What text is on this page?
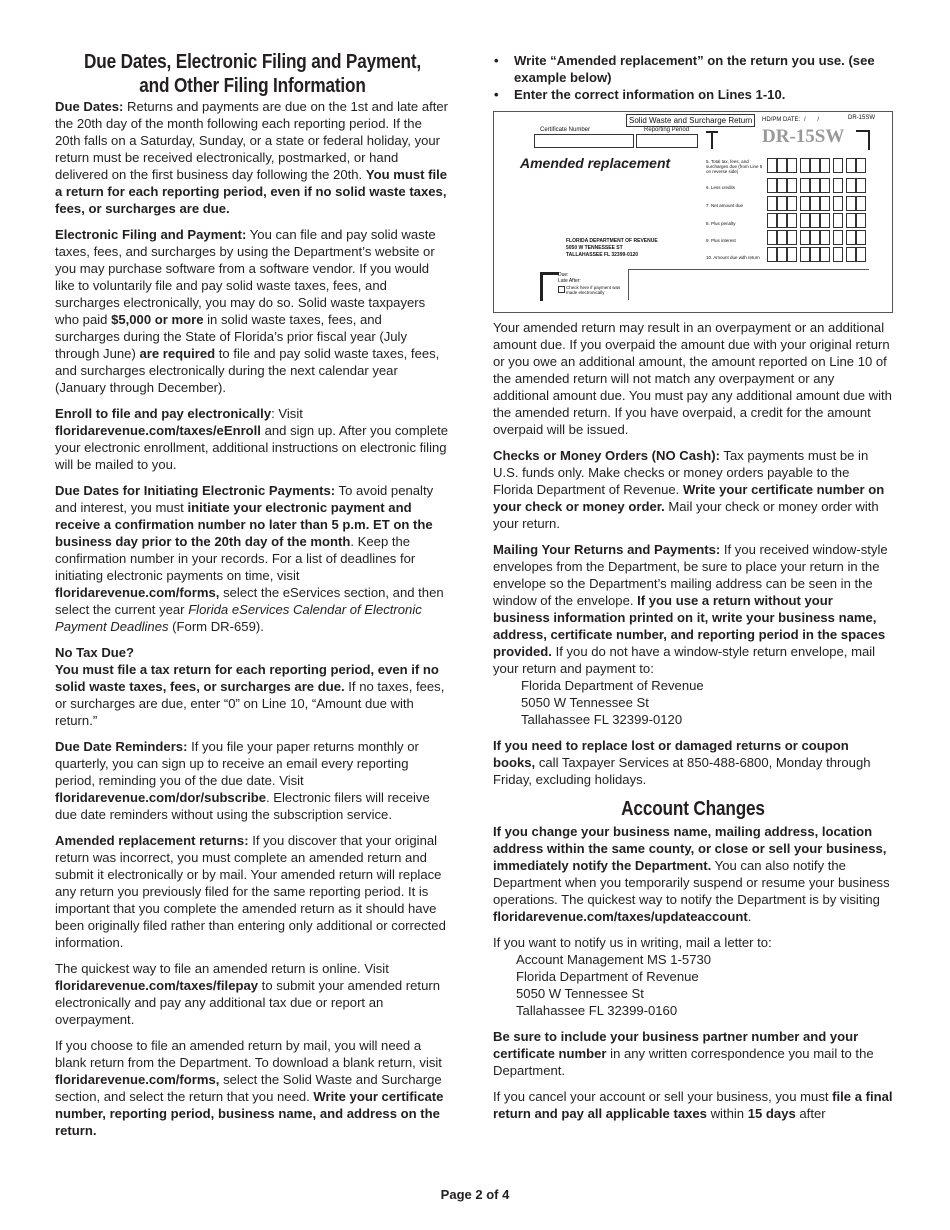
Due Dates, Electronic Filing and Payment, and Other Filing Information

Due Dates: Returns and payments are due on the 1st and late after the 20th day of the month following each reporting period. If the 20th falls on a Saturday, Sunday, or a state or federal holiday, your return must be received electronically, postmarked, or hand delivered on the first business day following the 20th. You must file a return for each reporting period, even if no solid waste taxes, fees, or surcharges are due.

Electronic Filing and Payment: You can file and pay solid waste taxes, fees, and surcharges by using the Department’s website or you may purchase software from a software vendor. If you would like to voluntarily file and pay solid waste taxes, fees, and surcharges electronically, you may do so. Solid waste taxpayers who paid $5,000 or more in solid waste taxes, fees, and surcharges during the State of Florida’s prior fiscal year (July through June) are required to file and pay solid waste taxes, fees, and surcharges electronically during the next calendar year (January through December).

Enroll to file and pay electronically: Visit floridarevenue.com/taxes/eEnroll and sign up. After you complete your electronic enrollment, additional instructions on electronic filing will be mailed to you.

Due Dates for Initiating Electronic Payments: To avoid penalty and interest, you must initiate your electronic payment and receive a confirmation number no later than 5 p.m. ET on the business day prior to the 20th day of the month. Keep the confirmation number in your records. For a list of deadlines for initiating electronic payments on time, visit floridarevenue.com/forms, select the eServices section, and then select the current year Florida eServices Calendar of Electronic Payment Deadlines (Form DR-659).

No Tax Due?
You must file a tax return for each reporting period, even if no solid waste taxes, fees, or surcharges are due. If no taxes, fees, or surcharges are due, enter “0” on Line 10, “Amount due with return.”

Due Date Reminders: If you file your paper returns monthly or quarterly, you can sign up to receive an email every reporting period, reminding you of the due date. Visit floridarevenue.com/dor/subscribe. Electronic filers will receive due date reminders without using the subscription service.

Amended replacement returns: If you discover that your original return was incorrect, you must complete an amended return and submit it electronically or by mail. Your amended return will replace any return you previously filed for the same reporting period. It is important that you complete the amended return as it should have been originally filed rather than entering only additional or corrected information.

The quickest way to file an amended return is online. Visit floridarevenue.com/taxes/filepay to submit your amended return electronically and pay any additional tax due or report an overpayment.

If you choose to file an amended return by mail, you will need a blank return from the Department. To download a blank return, visit floridarevenue.com/forms, select the Solid Waste and Surcharge section, and select the return that you need. Write your certificate number, reporting period, business name, and address on the return.

• Write “Amended replacement” on the return you use. (see example below)

• Enter the correct information on Lines 1-10.

Solid Waste and Surcharge Return	HD/PM DATE: /       /	DR-15SW
Certificate Number	Reporting Period	DR-15SW
Amended replacement	5. Total tax, fees, and surcharges due (from Line 5 on reverse side)
6. Less credits
7. Net amount due
8. Plus penalty
9. Plus interest
10. Amount due with return
FLORIDA DEPARTMENT OF REVENUE
5050 W TENNESSEE ST
TALLAHASSEE FL 32399-0120
Due:
Late After:
Check here if payment was made electronically

Your amended return may result in an overpayment or an additional amount due. If you overpaid the amount due with your original return or you owe an additional amount, the amount reported on Line 10 of the amended return will not match any overpayment or any additional amount due. You must pay any additional amount due with the amended return. If you have overpaid, a credit for the amount overpaid will be issued.

Checks or Money Orders (NO Cash): Tax payments must be in U.S. funds only. Make checks or money orders payable to the Florida Department of Revenue. Write your certificate number on your check or money order. Mail your check or money order with your return.

Mailing Your Returns and Payments: If you received window-style envelopes from the Department, be sure to place your return in the envelope so the Department’s mailing address can be seen in the window of the envelope. If you use a return without your business information printed on it, write your business name, address, certificate number, and reporting period in the spaces provided. If you do not have a window-style return envelope, mail your return and payment to:

Florida Department of Revenue
5050 W Tennessee St
Tallahassee FL 32399-0120

If you need to replace lost or damaged returns or coupon books, call Taxpayer Services at 850-488-6800, Monday through Friday, excluding holidays.

Account Changes

If you change your business name, mailing address, location address within the same county, or close or sell your business, immediately notify the Department. You can also notify the Department when you temporarily suspend or resume your business operations. The quickest way to notify the Department is by visiting floridarevenue.com/taxes/updateaccount.

If you want to notify us in writing, mail a letter to:

Account Management MS 1-5730
Florida Department of Revenue
5050 W Tennessee St
Tallahassee FL 32399-0160

Be sure to include your business partner number and your certificate number in any written correspondence you mail to the Department.

If you cancel your account or sell your business, you must file a final return and pay all applicable taxes within 15 days after

Page 2 of 4
